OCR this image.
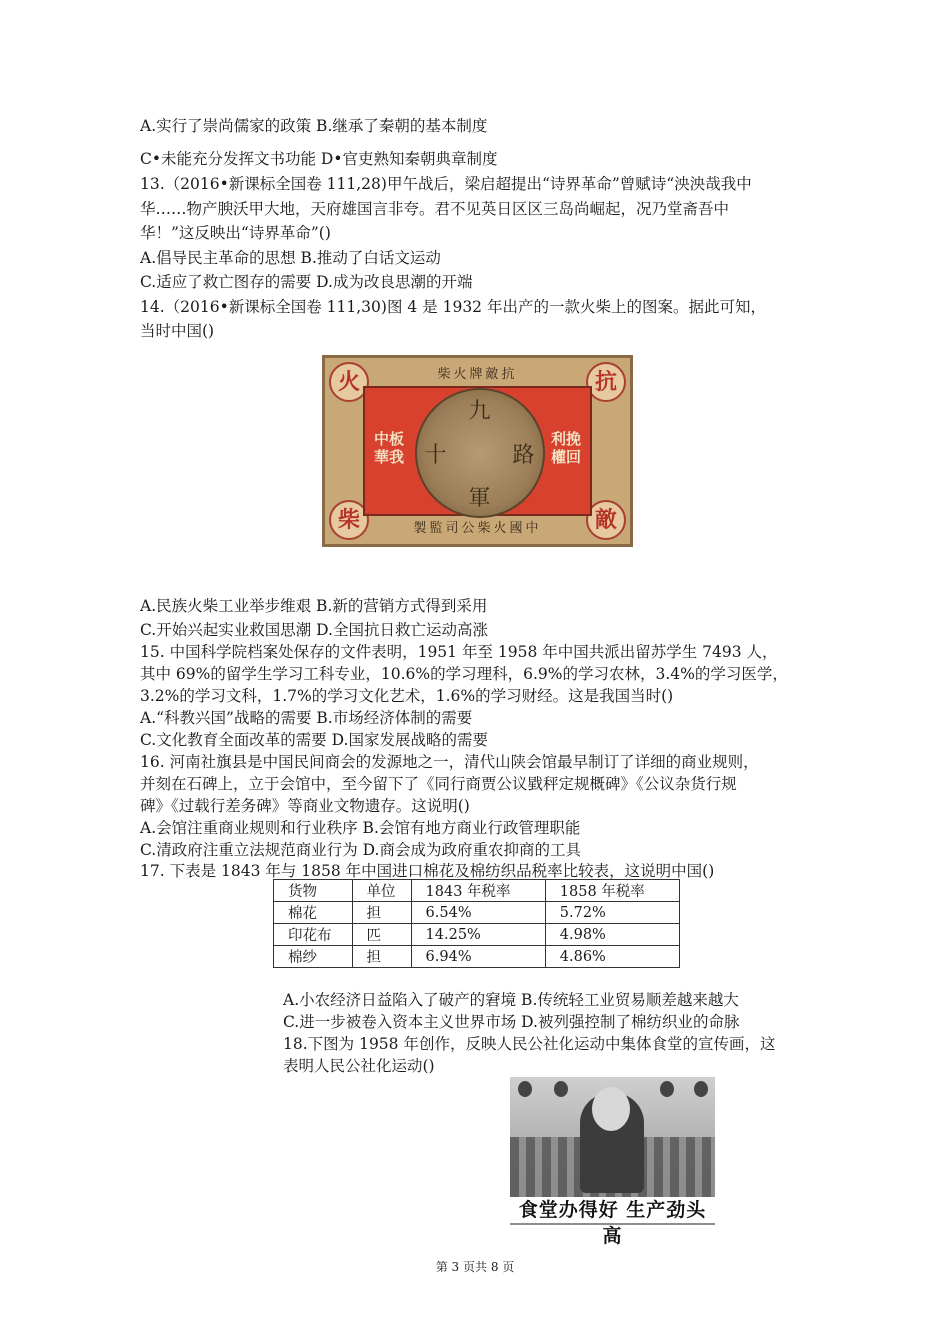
A.实行了崇尚儒家的政策 B.继承了秦朝的基本制度
C•未能充分发挥文书功能 D•官吏熟知秦朝典章制度
13.（2016•新课标全国卷 111,28)甲午战后，梁启超提出“诗界革命”曾赋诗“泱泱哉我中
华……物产腴沃甲大地，天府雄国言非夸。君不见英日区区三岛尚崛起，况乃堂斋吾中
华！”这反映出“诗界革命”()
A.倡导民主革命的思想 B.推动了白话文运动
C.适应了救亡图存的需要 D.成为改良思潮的开端
14.（2016•新课标全国卷 111,30)图 4 是 1932 年出产的一款火柴上的图案。据此可知，
当时中国()
柴火牌敵抗
製監司公柴火國中
火	抗
柴	敵
中板華我
利挽權回
九
十	路
軍
A.民族火柴工业举步维艰 B.新的营销方式得到采用
C.开始兴起实业救国思潮 D.全国抗日救亡运动高涨
15. 中国科学院档案处保存的文件表明，1951 年至 1958 年中国共派出留苏学生 7493 人，
其中 69%的留学生学习工科专业，10.6%的学习理科，6.9%的学习农林，3.4%的学习医学，
3.2%的学习文科，1.7%的学习文化艺术，1.6%的学习财经。这是我国当时()
A.“科教兴国”战略的需要 B.市场经济体制的需要
C.文化教育全面改革的需要 D.国家发展战略的需要
16. 河南社旗县是中国民间商会的发源地之一，清代山陕会馆最早制订了详细的商业规则，
并刻在石碑上，立于会馆中，至今留下了《同行商贾公议戥秤定规概碑》《公议杂货行规
碑》《过载行差务碑》等商业文物遗存。这说明()
A.会馆注重商业规则和行业秩序 B.会馆有地方商业行政管理职能
C.清政府注重立法规范商业行为 D.商会成为政府重农抑商的工具
17. 下表是 1843 年与 1858 年中国进口棉花及棉纺织品税率比较表，这说明中国()
货物	单位	1843 年税率	1858 年税率
棉花	担	6.54%	5.72%
印花布	匹	14.25%	4.98%
棉纱	担	6.94%	4.86%
A.小农经济日益陷入了破产的窘境 B.传统轻工业贸易顺差越来越大
C.进一步被卷入资本主义世界市场 D.被列强控制了棉纺织业的命脉
18.下图为 1958 年创作，反映人民公社化运动中集体食堂的宣传画，这
表明人民公社化运动()
食堂办得好 生产劲头高
第 3 页共 8 页
